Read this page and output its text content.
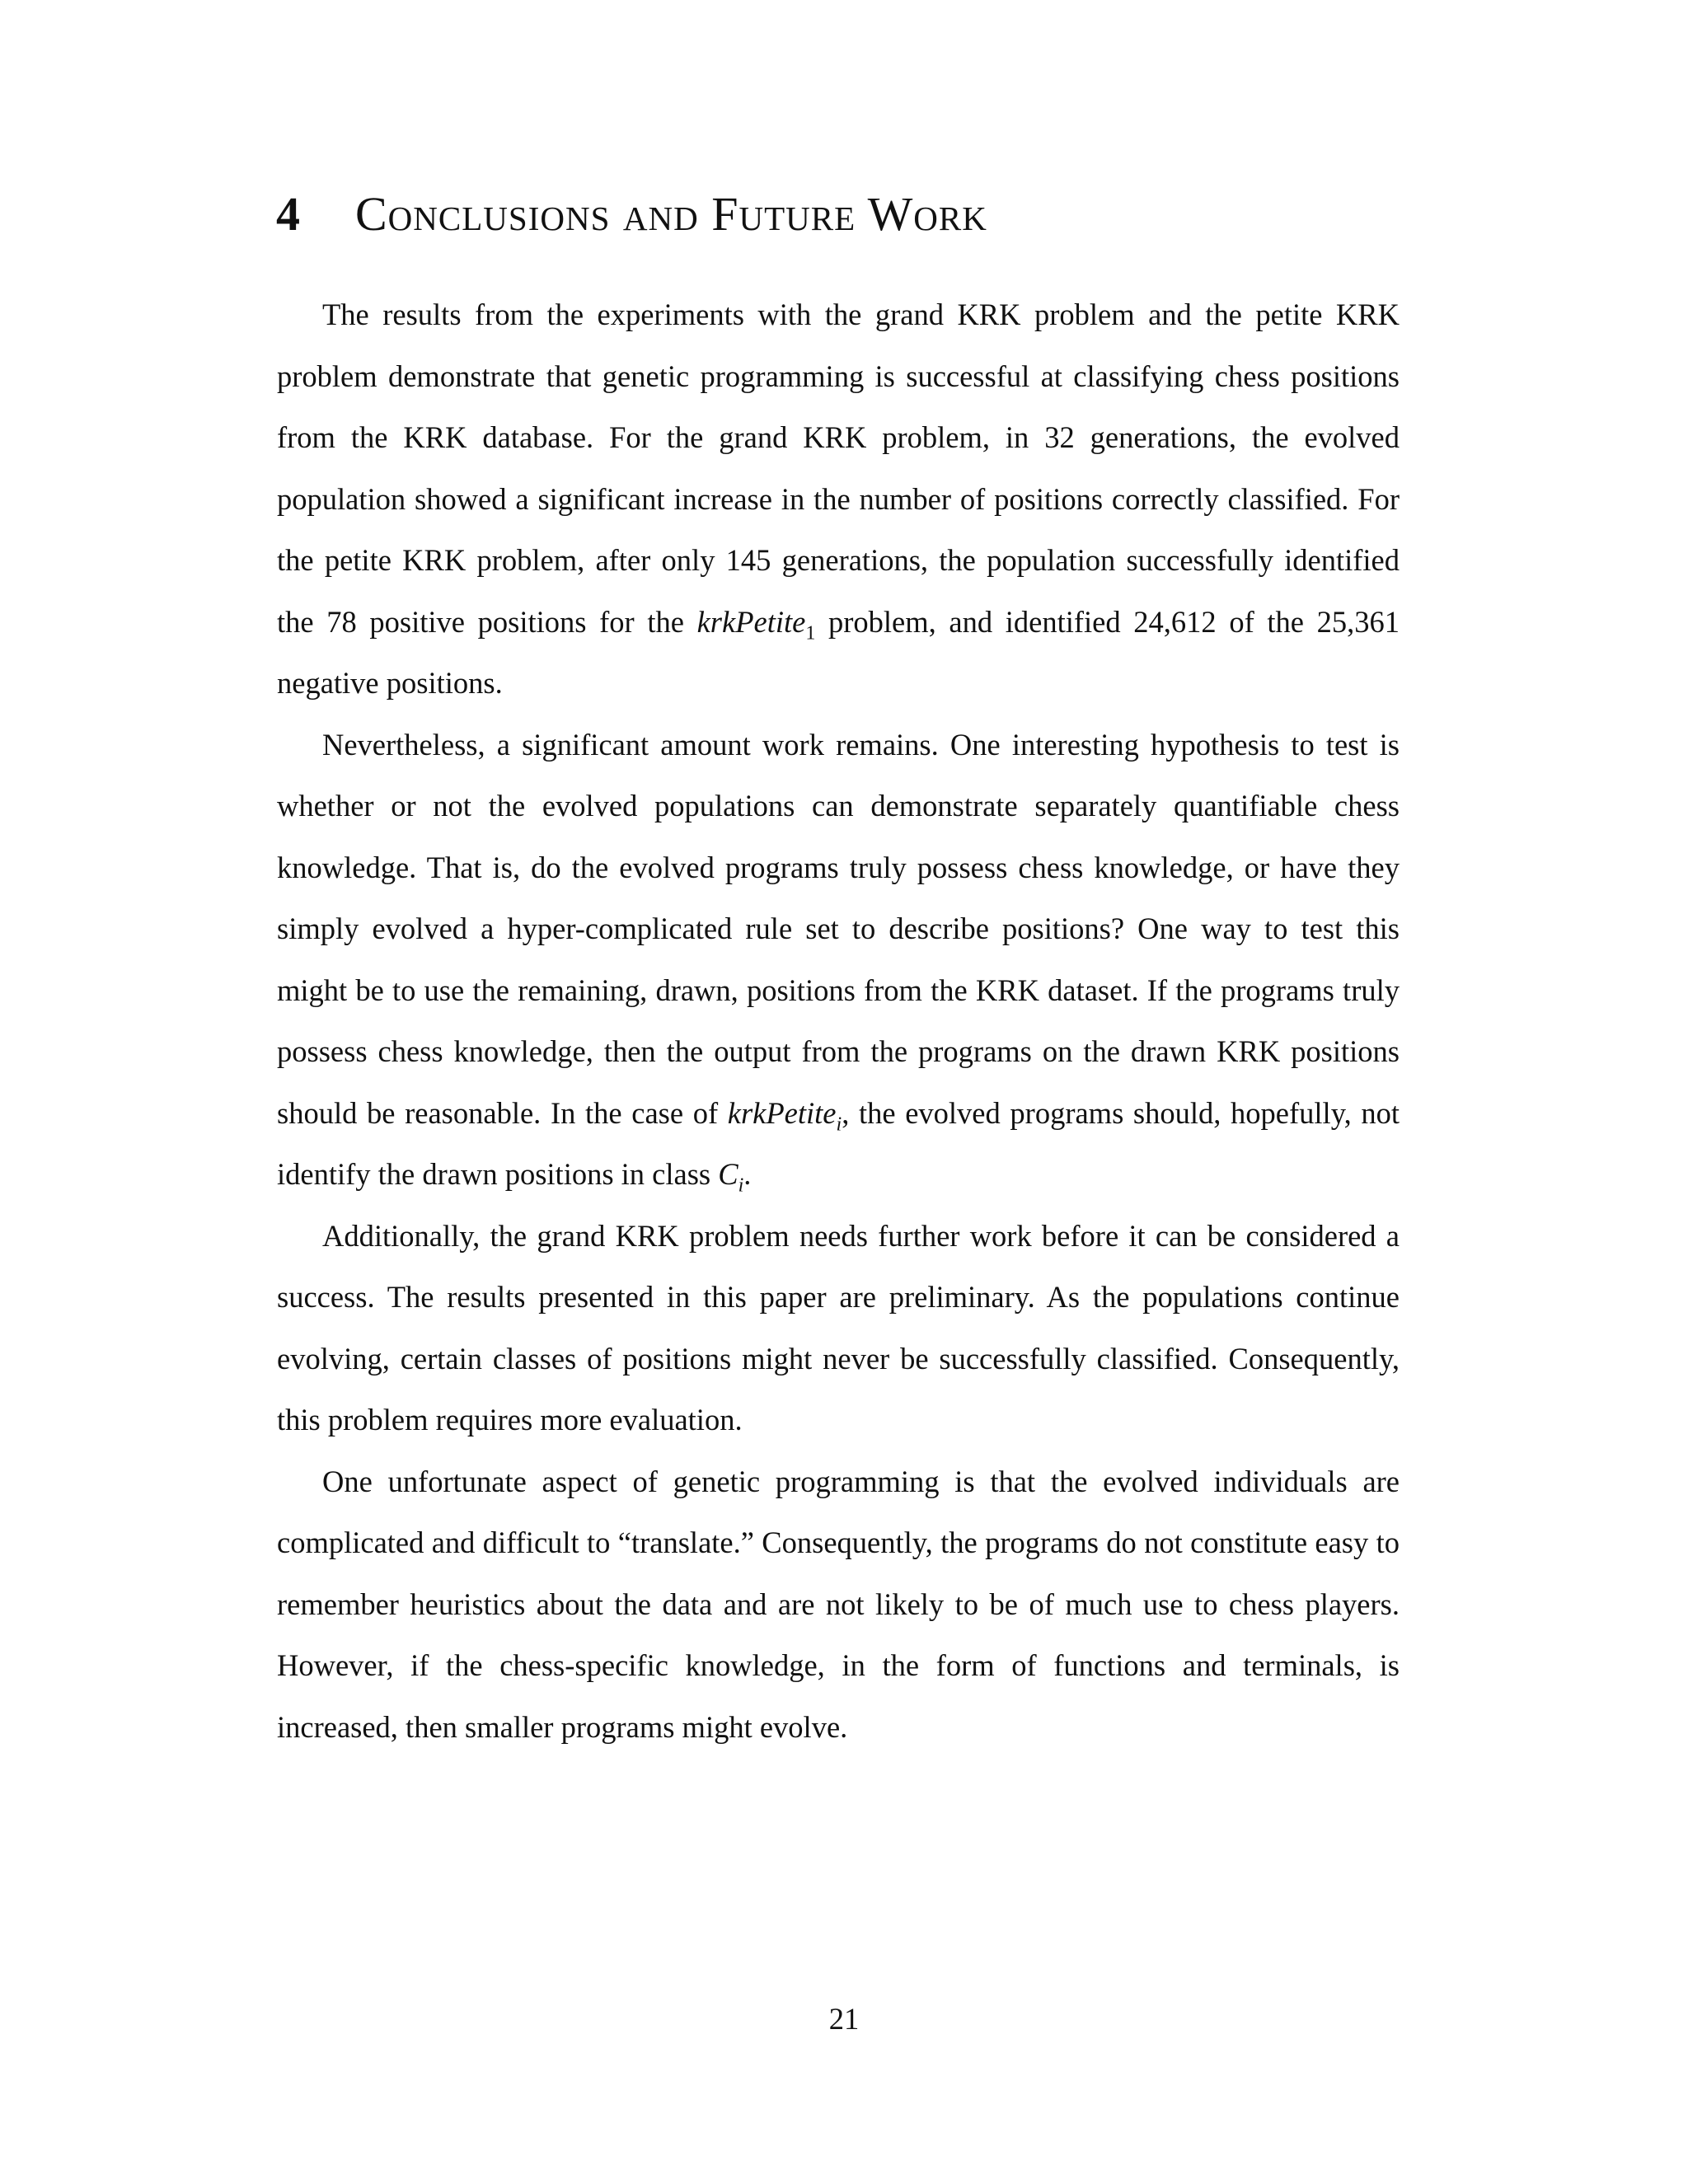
4 Conclusions and Future Work

The results from the experiments with the grand KRK problem and the petite KRK problem demonstrate that genetic programming is successful at classifying chess positions from the KRK database. For the grand KRK problem, in 32 generations, the evolved population showed a significant increase in the number of positions correctly classified. For the petite KRK problem, after only 145 generations, the population successfully identified the 78 positive positions for the krkPetite$_1$ problem, and identified 24,612 of the 25,361 negative positions.

Nevertheless, a significant amount work remains. One interesting hypothesis to test is whether or not the evolved populations can demonstrate separately quantifiable chess knowledge. That is, do the evolved programs truly possess chess knowledge, or have they simply evolved a hyper-complicated rule set to describe positions? One way to test this might be to use the remaining, drawn, positions from the KRK dataset. If the programs truly possess chess knowledge, then the output from the programs on the drawn KRK positions should be reasonable. In the case of krkPetite$_i$, the evolved programs should, hopefully, not identify the drawn positions in class $C_i$.

Additionally, the grand KRK problem needs further work before it can be considered a success. The results presented in this paper are preliminary. As the populations continue evolving, certain classes of positions might never be successfully classified. Consequently, this problem requires more evaluation.

One unfortunate aspect of genetic programming is that the evolved individuals are complicated and difficult to “translate.” Consequently, the programs do not constitute easy to remember heuristics about the data and are not likely to be of much use to chess players. However, if the chess-specific knowledge, in the form of functions and terminals, is increased, then smaller programs might evolve.

21
